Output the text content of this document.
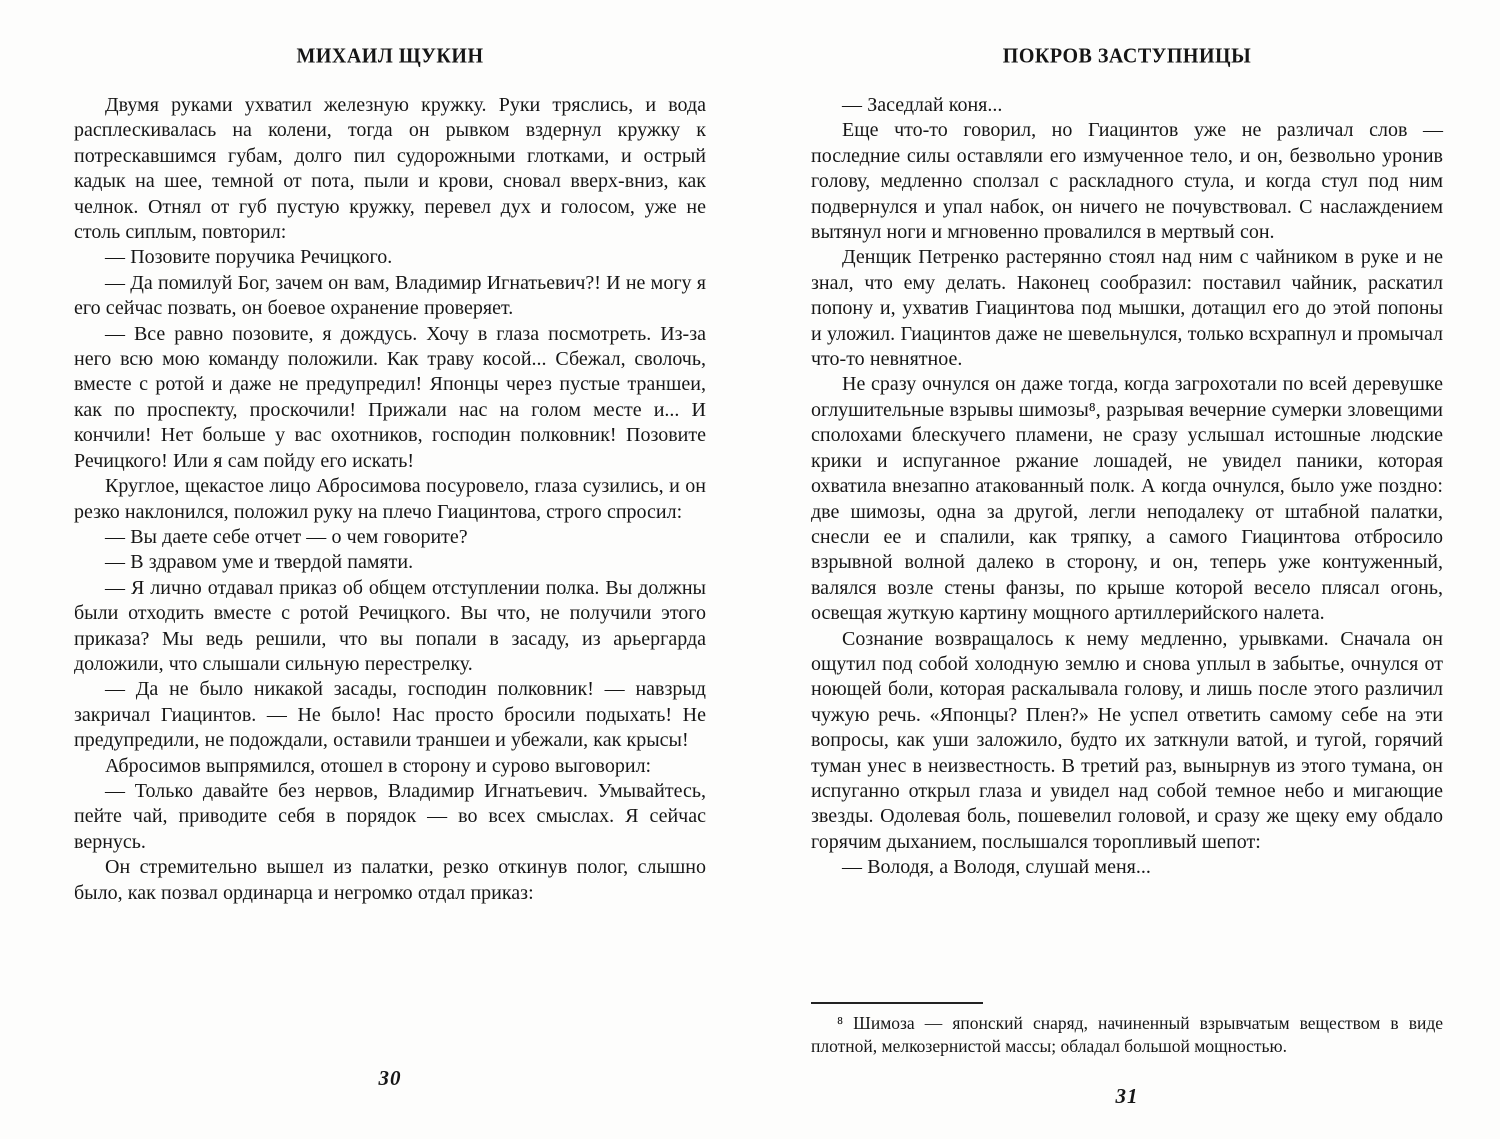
МИХАИЛ ЩУКИН

Двумя руками ухватил железную кружку. Руки тряслись, и вода расплескивалась на колени, тогда он рывком вздернул кружку к потрескавшимся губам, долго пил судорожными глотками, и острый кадык на шее, темной от пота, пыли и крови, сновал вверх-вниз, как челнок. Отнял от губ пустую кружку, перевел дух и голосом, уже не столь сиплым, повторил:

— Позовите поручика Речицкого.

— Да помилуй Бог, зачем он вам, Владимир Игнатьевич?! И не могу я его сейчас позвать, он боевое охранение проверяет.

— Все равно позовите, я дождусь. Хочу в глаза посмотреть. Из-за него всю мою команду положили. Как траву косой... Сбежал, сволочь, вместе с ротой и даже не предупредил! Японцы через пустые траншеи, как по проспекту, проскочили! Прижали нас на голом месте и... И кончили! Нет больше у вас охотников, господин полковник! Позовите Речицкого! Или я сам пойду его искать!

Круглое, щекастое лицо Абросимова посуровело, глаза сузились, и он резко наклонился, положил руку на плечо Гиацинтова, строго спросил:

— Вы даете себе отчет — о чем говорите?

— В здравом уме и твердой памяти.

— Я лично отдавал приказ об общем отступлении полка. Вы должны были отходить вместе с ротой Речицкого. Вы что, не получили этого приказа? Мы ведь решили, что вы попали в засаду, из арьергарда доложили, что слышали сильную перестрелку.

— Да не было никакой засады, господин полковник! — навзрыд закричал Гиацинтов. — Не было! Нас просто бросили подыхать! Не предупредили, не подождали, оставили траншеи и убежали, как крысы!

Абросимов выпрямился, отошел в сторону и сурово выговорил:

— Только давайте без нервов, Владимир Игнатьевич. Умывайтесь, пейте чай, приводите себя в порядок — во всех смыслах. Я сейчас вернусь.

Он стремительно вышел из палатки, резко откинув полог, слышно было, как позвал ординарца и негромко отдал приказ:

30
ПОКРОВ ЗАСТУПНИЦЫ

— Заседлай коня...

Еще что-то говорил, но Гиацинтов уже не различал слов — последние силы оставляли его измученное тело, и он, безвольно уронив голову, медленно сползал с раскладного стула, и когда стул под ним подвернулся и упал набок, он ничего не почувствовал. С наслаждением вытянул ноги и мгновенно провалился в мертвый сон.

Денщик Петренко растерянно стоял над ним с чайником в руке и не знал, что ему делать. Наконец сообразил: поставил чайник, раскатил попону и, ухватив Гиацинтова под мышки, дотащил его до этой попоны и уложил. Гиацинтов даже не шевельнулся, только всхрапнул и промычал что-то невнятное.

Не сразу очнулся он даже тогда, когда загрохотали по всей деревушке оглушительные взрывы шимозы⁸, разрывая вечерние сумерки зловещими сполохами блескучего пламени, не сразу услышал истошные людские крики и испуганное ржание лошадей, не увидел паники, которая охватила внезапно атакованный полк. А когда очнулся, было уже поздно: две шимозы, одна за другой, легли неподалеку от штабной палатки, снесли ее и спалили, как тряпку, а самого Гиацинтова отбросило взрывной волной далеко в сторону, и он, теперь уже контуженный, валялся возле стены фанзы, по крыше которой весело плясал огонь, освещая жуткую картину мощного артиллерийского налета.

Сознание возвращалось к нему медленно, урывками. Сначала он ощутил под собой холодную землю и снова уплыл в забытье, очнулся от ноющей боли, которая раскалывала голову, и лишь после этого различил чужую речь. «Японцы? Плен?» Не успел ответить самому себе на эти вопросы, как уши заложило, будто их заткнули ватой, и тугой, горячий туман унес в неизвестность. В третий раз, вынырнув из этого тумана, он испуганно открыл глаза и увидел над собой темное небо и мигающие звезды. Одолевая боль, пошевелил головой, и сразу же щеку ему обдало горячим дыханием, послышался торопливый шепот:

— Володя, а Володя, слушай меня...

⁸ Шимоза — японский снаряд, начиненный взрывчатым веществом в виде плотной, мелкозернистой массы; обладал большой мощностью.

31
